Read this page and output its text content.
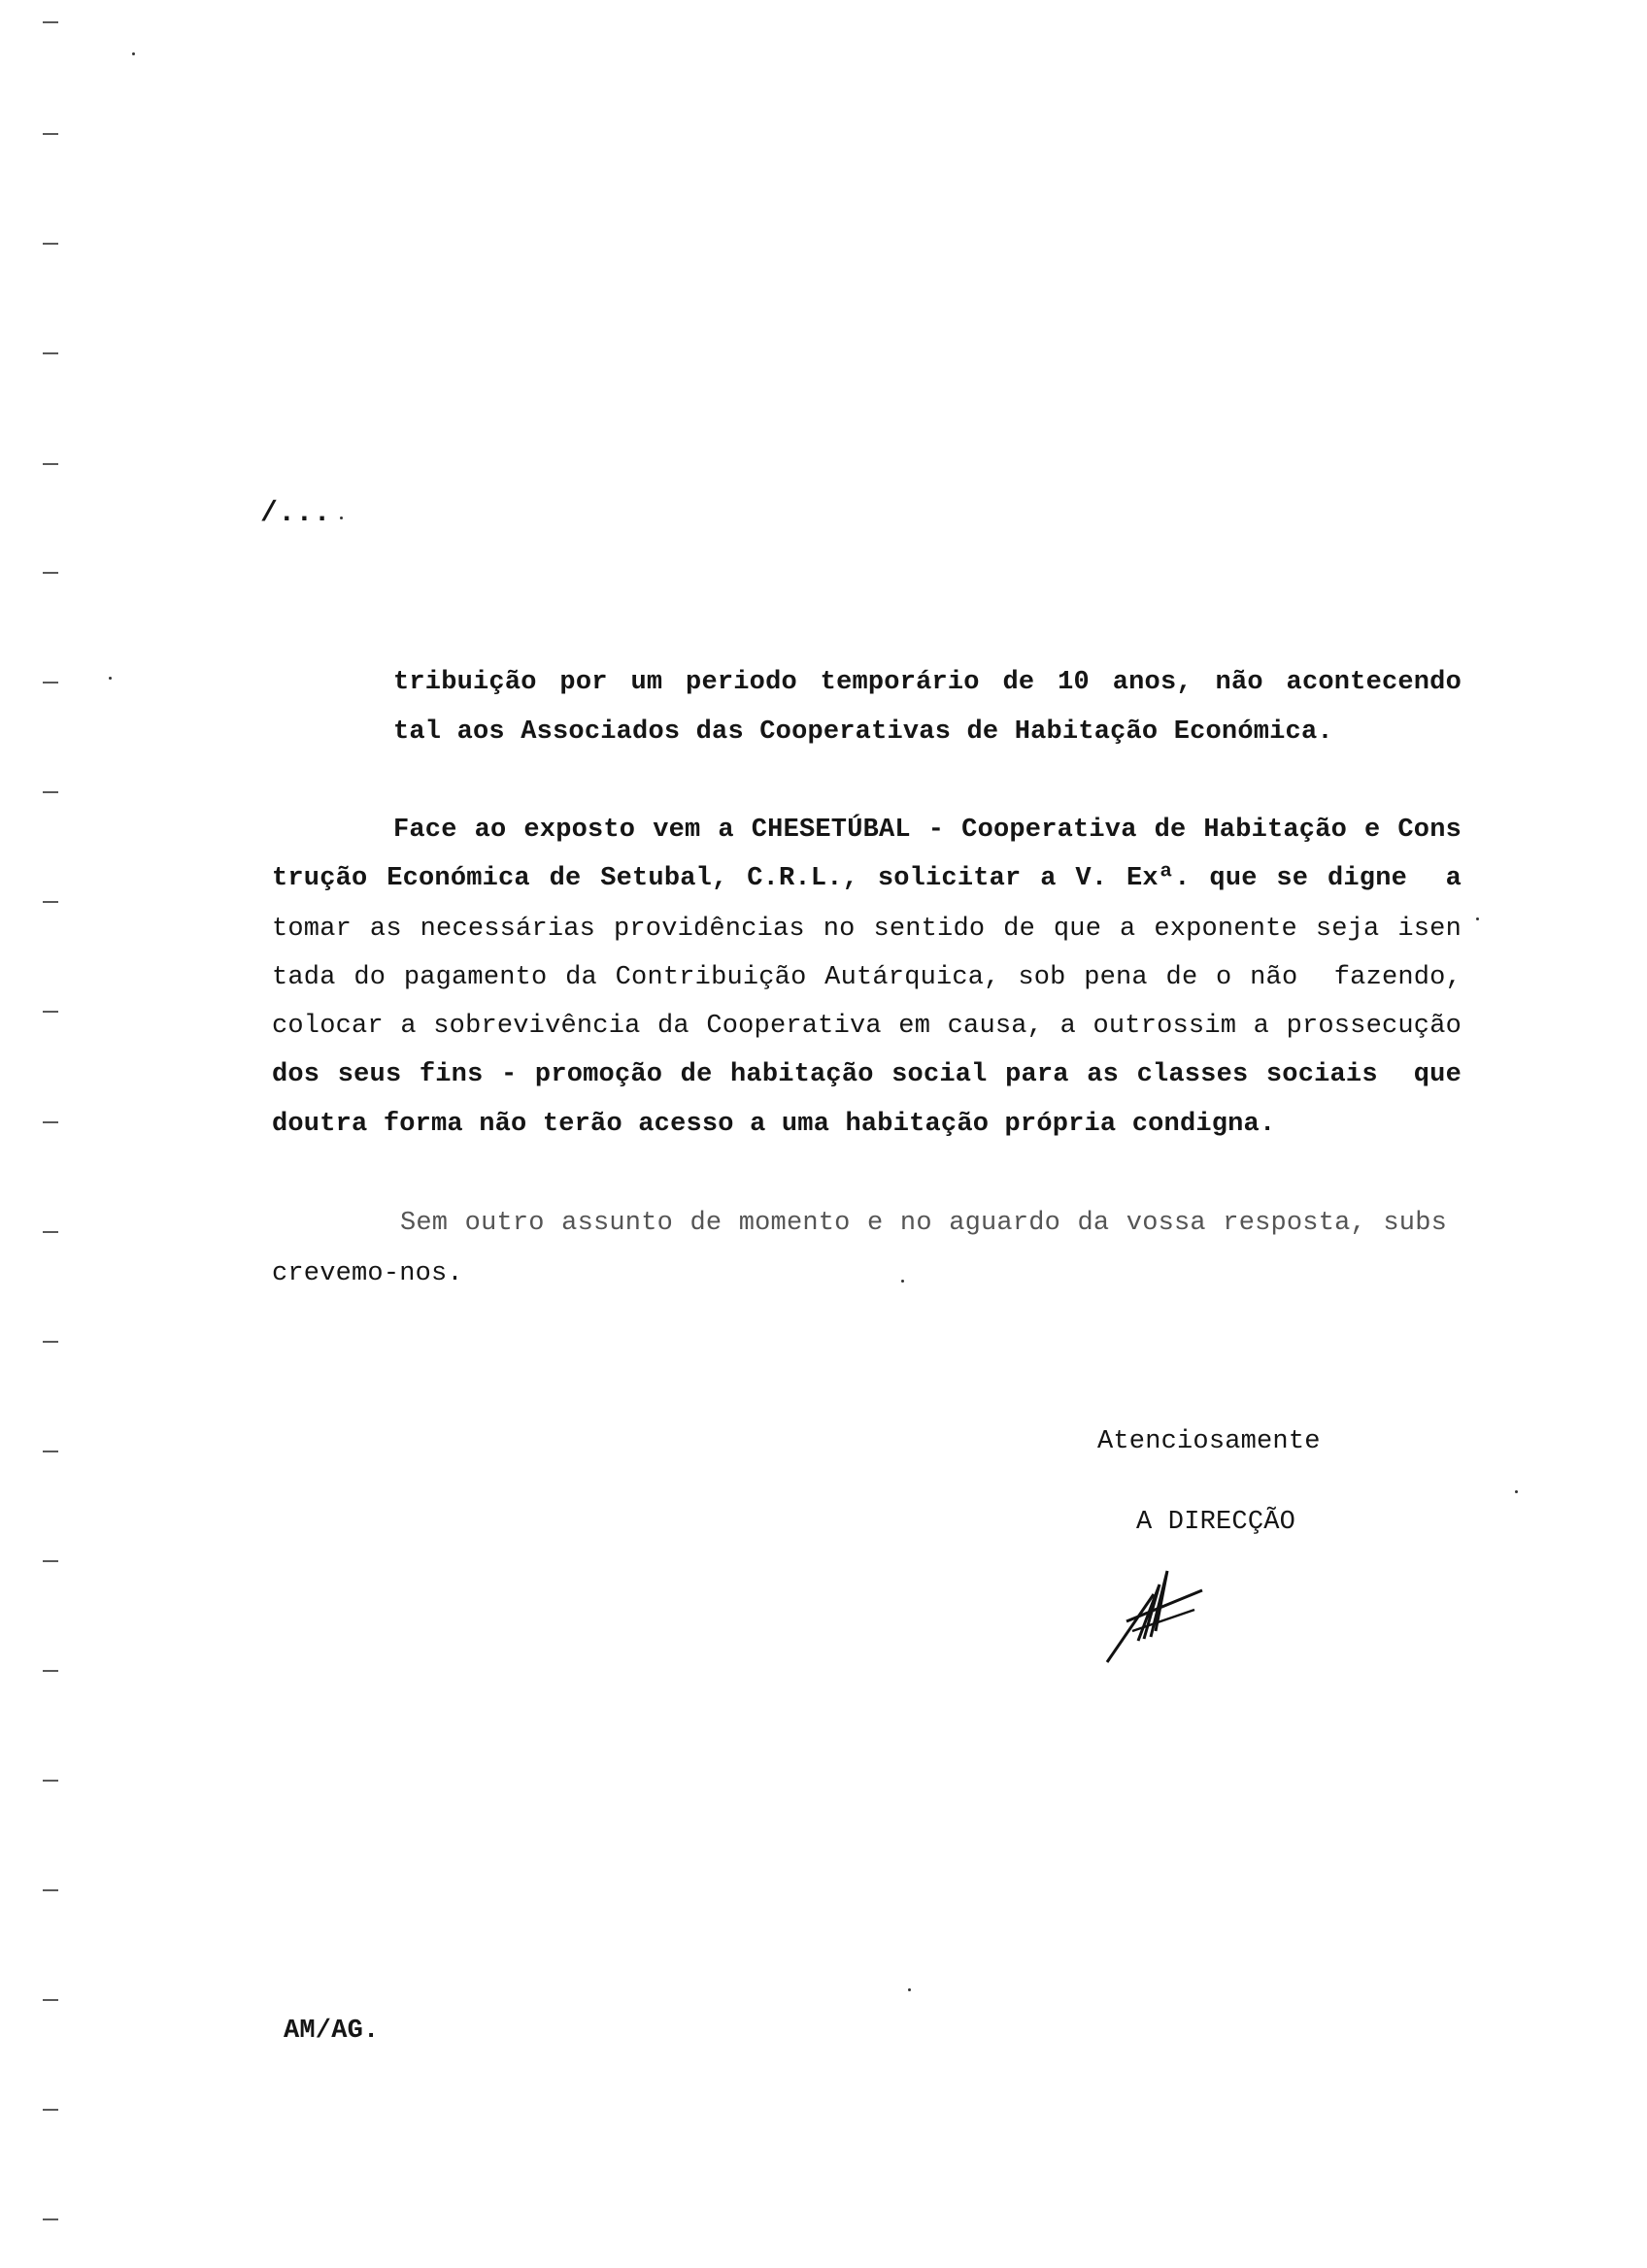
/...
tribuição por um periodo temporário de 10 anos, não acontecendo
tal aos Associados das Cooperativas de Habitação Económica.
Face ao exposto vem a CHESETÚBAL - Cooperativa de Habitação e Cons
trução Económica de Setubal, C.R.L., solicitar a V. Exª. que se digne  a
tomar as necessárias providências no sentido de que a exponente seja isen
tada do pagamento da Contribuição Autárquica, sob pena de o não  fazendo,
colocar a sobrevivência da Cooperativa em causa, a outrossim a prossecução
dos seus fins - promoção de habitação social para as classes sociais  que
doutra forma não terão acesso a uma habitação própria condigna.
Sem outro assunto de momento e no aguardo da vossa resposta, subs
crevemo-nos.
Atenciosamente
A DIRECÇÃO
AM/AG.
